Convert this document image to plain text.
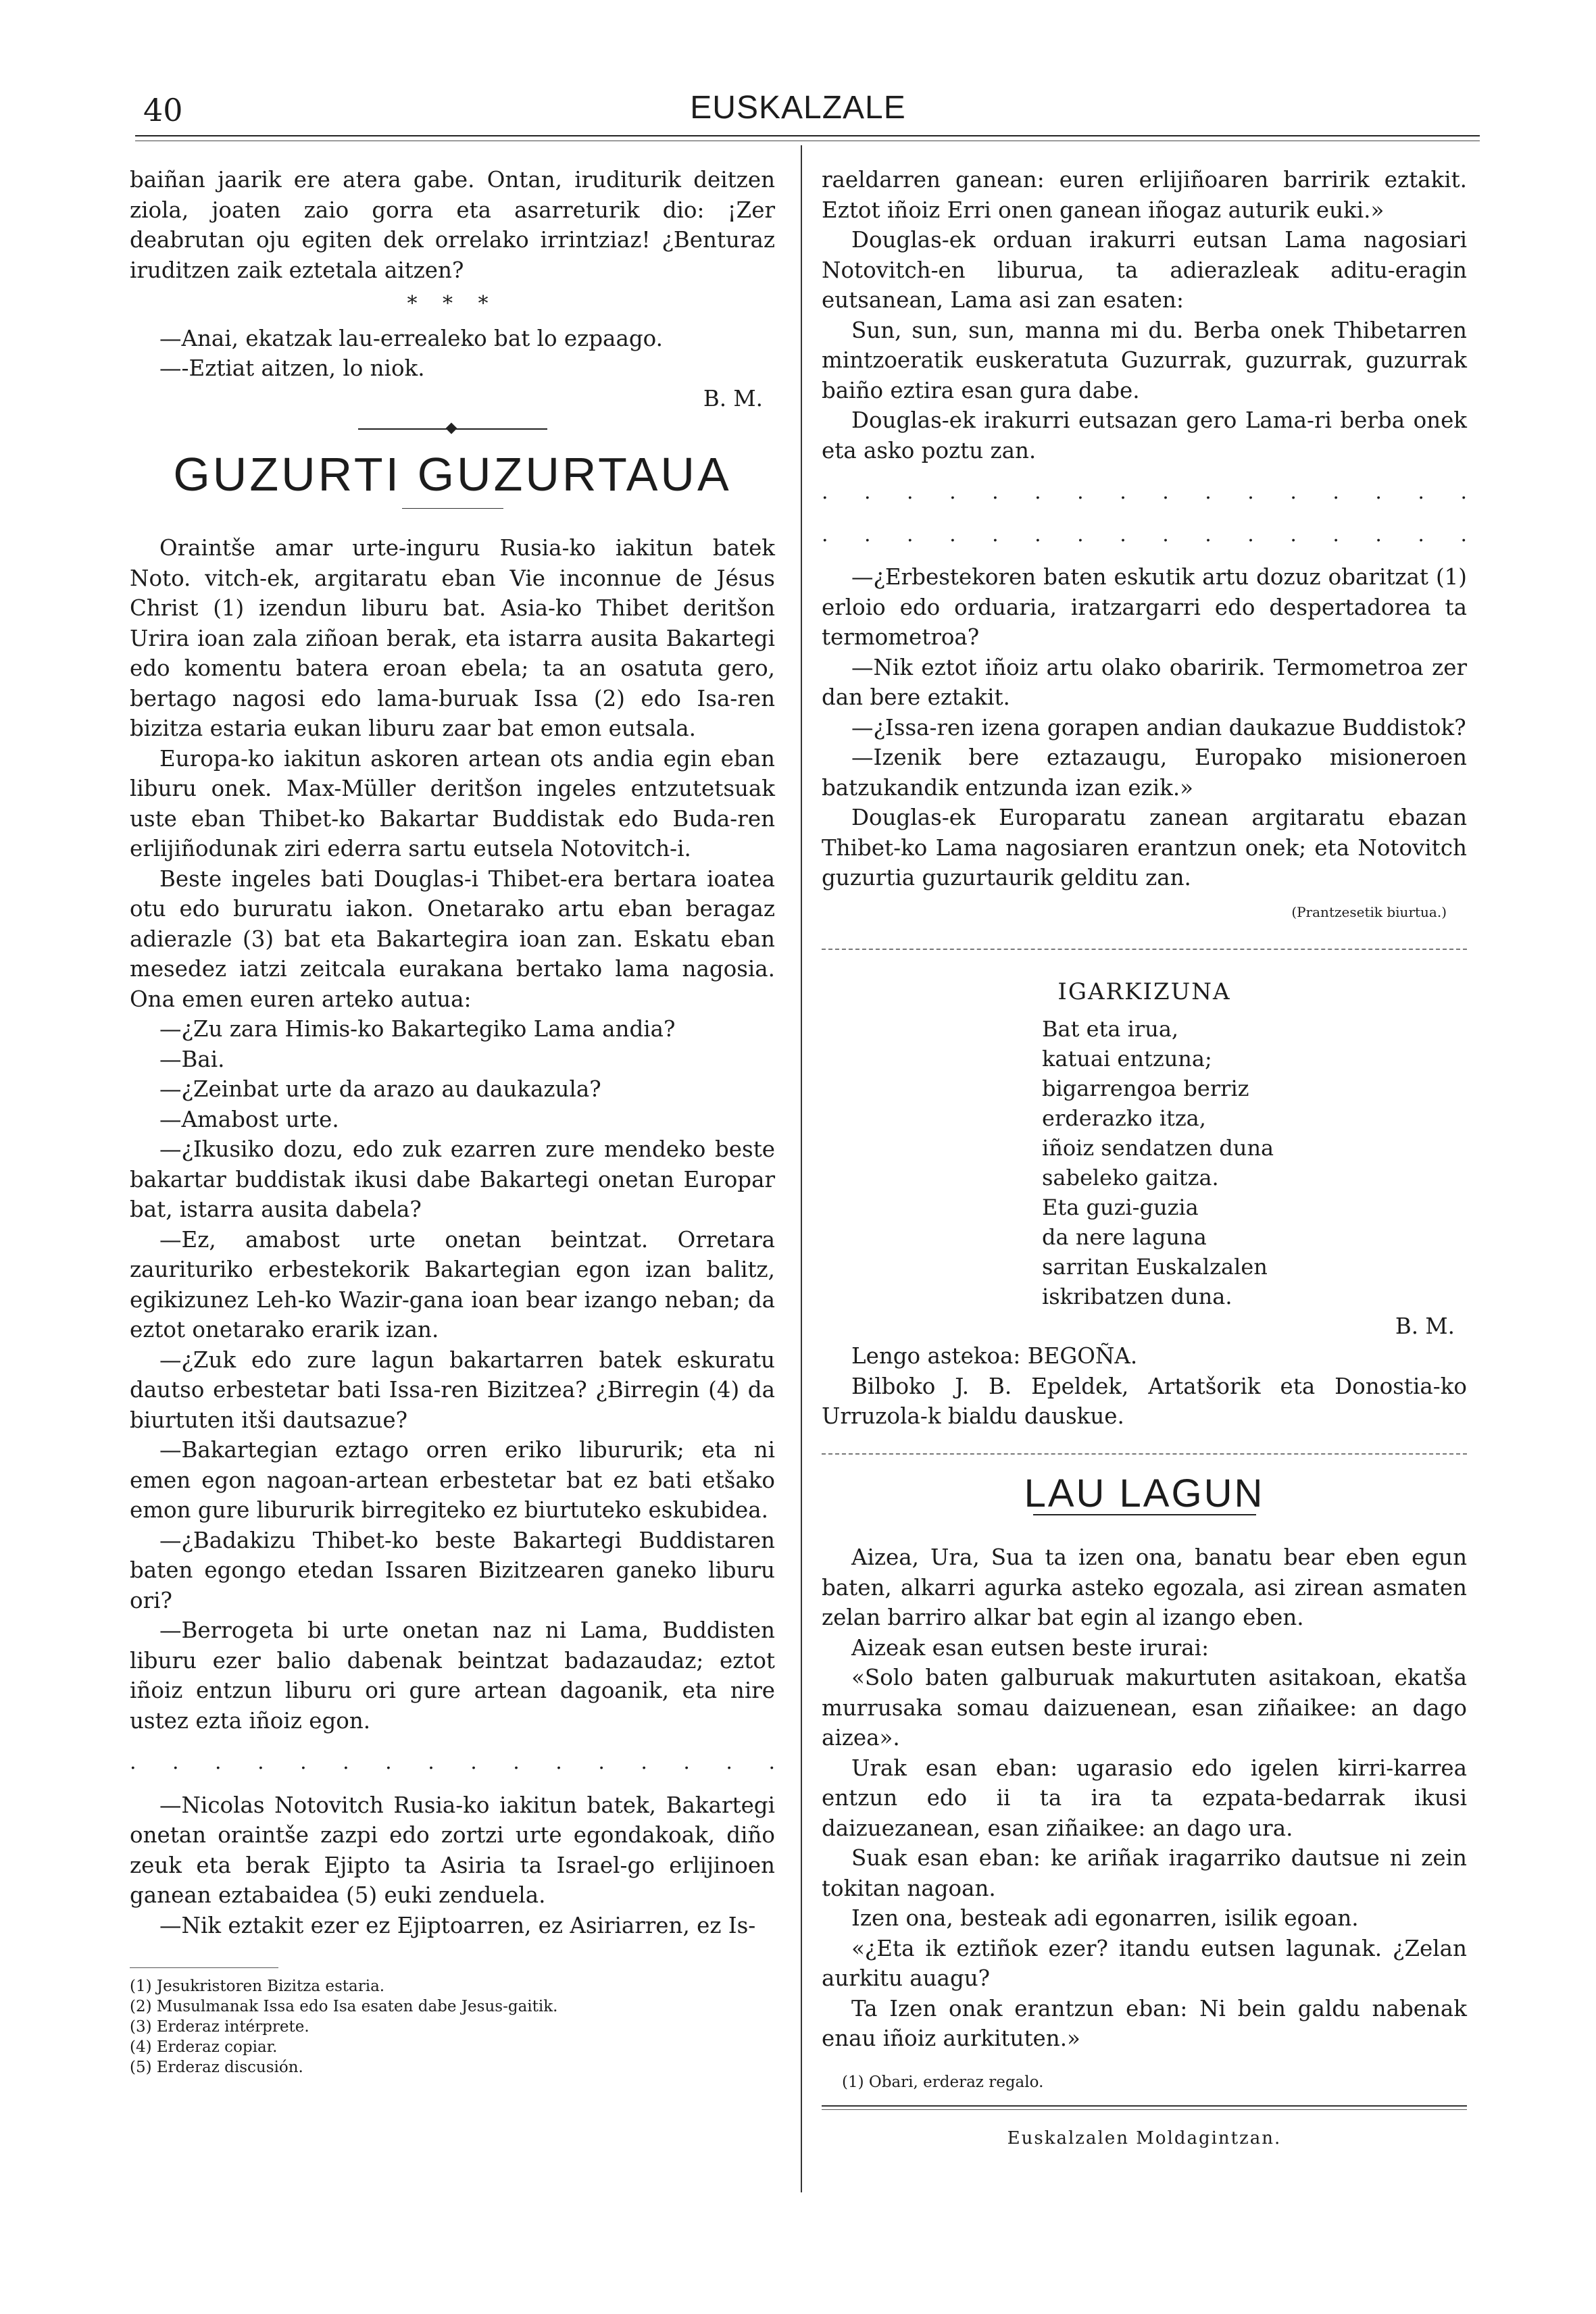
40	EUSKALZALE

baiñan jaarik ere atera gabe. Ontan, iruditurik deitzen ziola, joaten zaio gorra eta asarreturik dio: ¡Zer deabrutan oju egiten dek orrelako irrintziaz! ¿Benturaz iruditzen zaik eztetala aitzen?

* * *

—Anai, ekatzak lau-errealeko bat lo ezpaago.

—-Eztiat aitzen, lo niok.

B. M.

GUZURTI GUZURTAUA

Oraintše amar urte-inguru Rusia-ko iakitun batek Noto. vitch-ek, argitaratu eban Vie inconnue de Jésus Christ (1) izendun liburu bat. Asia-ko Thibet deritšon Urira ioan zala ziñoan berak, eta istarra ausita Bakartegi edo komentu batera eroan ebela; ta an osatuta gero, bertago nagosi edo lama-buruak Issa (2) edo Isa-ren bizitza estaria eukan liburu zaar bat emon eutsala.

Europa-ko iakitun askoren artean ots andia egin eban liburu onek. Max-Müller deritšon ingeles entzutetsuak uste eban Thibet-ko Bakartar Buddistak edo Buda-ren erlijiñodunak ziri ederra sartu eutsela Notovitch-i.

Beste ingeles bati Douglas-i Thibet-era bertara ioatea otu edo bururatu iakon. Onetarako artu eban beragaz adierazle (3) bat eta Bakartegira ioan zan. Eskatu eban mesedez iatzi zeitcala eurakana bertako lama nagosia. Ona emen euren arteko autua:

—¿Zu zara Himis-ko Bakartegiko Lama andia?

—Bai.

—¿Zeinbat urte da arazo au daukazula?

—Amabost urte.

—¿Ikusiko dozu, edo zuk ezarren zure mendeko beste bakartar buddistak ikusi dabe Bakartegi onetan Europar bat, istarra ausita dabela?

—Ez, amabost urte onetan beintzat. Orretara zaurituriko erbestekorik Bakartegian egon izan balitz, egikizunez Leh-ko Wazir-gana ioan bear izango neban; da eztot onetarako erarik izan.

—¿Zuk edo zure lagun bakartarren batek eskuratu dautso erbestetar bati Issa-ren Bizitzea? ¿Birregin (4) da biurtuten itši dautsazue?

—Bakartegian eztago orren eriko libururik; eta ni emen egon nagoan-artean erbestetar bat ez bati etšako emon gure libururik birregiteko ez biurtuteko eskubidea.

—¿Badakizu Thibet-ko beste Bakartegi Buddistaren baten egongo etedan Issaren Bizitzearen ganeko liburu ori?

—Berrogeta bi urte onetan naz ni Lama, Buddisten liburu ezer balio dabenak beintzat badazaudaz; eztot iñoiz entzun liburu ori gure artean dagoanik, eta nire ustez ezta iñoiz egon.

. . . . . . . . . . . . . . . .

—Nicolas Notovitch Rusia-ko iakitun batek, Bakartegi onetan oraintše zazpi edo zortzi urte egondakoak, diño zeuk eta berak Ejipto ta Asiria ta Israel-go erlijinoen ganean eztabaidea (5) euki zenduela.

—Nik eztakit ezer ez Ejiptoarren, ez Asiriarren, ez Is-

(1) Jesukristoren Bizitza estaria.
(2) Musulmanak Issa edo Isa esaten dabe Jesus-gaitik.
(3) Erderaz intérprete.
(4) Erderaz copiar.
(5) Erderaz discusión.

raeldarren ganean: euren erlijiñoaren barririk eztakit. Eztot iñoiz Erri onen ganean iñogaz auturik euki.»

Douglas-ek orduan irakurri eutsan Lama nagosiari Notovitch-en liburua, ta adierazleak aditu-eragin eutsanean, Lama asi zan esaten:

Sun, sun, sun, manna mi du. Berba onek Thibetarren mintzoeratik euskeratuta Guzurrak, guzurrak, guzurrak baiño eztira esan gura dabe.

Douglas-ek irakurri eutsazan gero Lama-ri berba onek eta asko poztu zan.

. . . . . . . . . . . . . . . .
. . . . . . . . . . . . . . . .

—¿Erbestekoren baten eskutik artu dozuz obaritzat (1) erloio edo orduaria, iratzargarri edo despertadorea ta termometroa?

—Nik eztot iñoiz artu olako obaririk. Termometroa zer dan bere eztakit.

—¿Issa-ren izena gorapen andian daukazue Buddistok?

—Izenik bere eztazaugu, Europako misioneroen batzukandik entzunda izan ezik.»

Douglas-ek Europaratu zanean argitaratu ebazan Thibet-ko Lama nagosiaren erantzun onek; eta Notovitch guzurtia guzurtaurik gelditu zan.

(Prantzesetik biurtua.)
IGARKIZUNA
Bat eta irua,
katuai entzuna;
bigarrengoa berriz
erderazko itza,
iñoiz sendatzen duna
sabeleko gaitza.
Eta guzi-guzia
da nere laguna
sarritan Euskalzalen
iskribatzen duna.

B. M.

Lengo astekoa: BEGOÑA.

Bilboko J. B. Epeldek, Artatšorik eta Donostia-ko Urruzola-k bialdu dauskue.

LAU LAGUN

Aizea, Ura, Sua ta izen ona, banatu bear eben egun baten, alkarri agurka asteko egozala, asi zirean asmaten zelan barriro alkar bat egin al izango eben.

Aizeak esan eutsen beste irurai:

«Solo baten galburuak makurtuten asitakoan, ekatša murrusaka somau daizuenean, esan ziñaikee: an dago aizea».

Urak esan eban: ugarasio edo igelen kirri-karrea entzun edo ii ta ira ta ezpata-bedarrak ikusi daizuezanean, esan ziñaikee: an dago ura.

Suak esan eban: ke ariñak iragarriko dautsue ni zein tokitan nagoan.

Izen ona, besteak adi egonarren, isilik egoan.

«¿Eta ik eztiñok ezer? itandu eutsen lagunak. ¿Zelan aurkitu auagu?

Ta Izen onak erantzun eban: Ni bein galdu nabenak enau iñoiz aurkituten.»

(1) Obari, erderaz regalo.
Euskalzalen Moldagintzan.
